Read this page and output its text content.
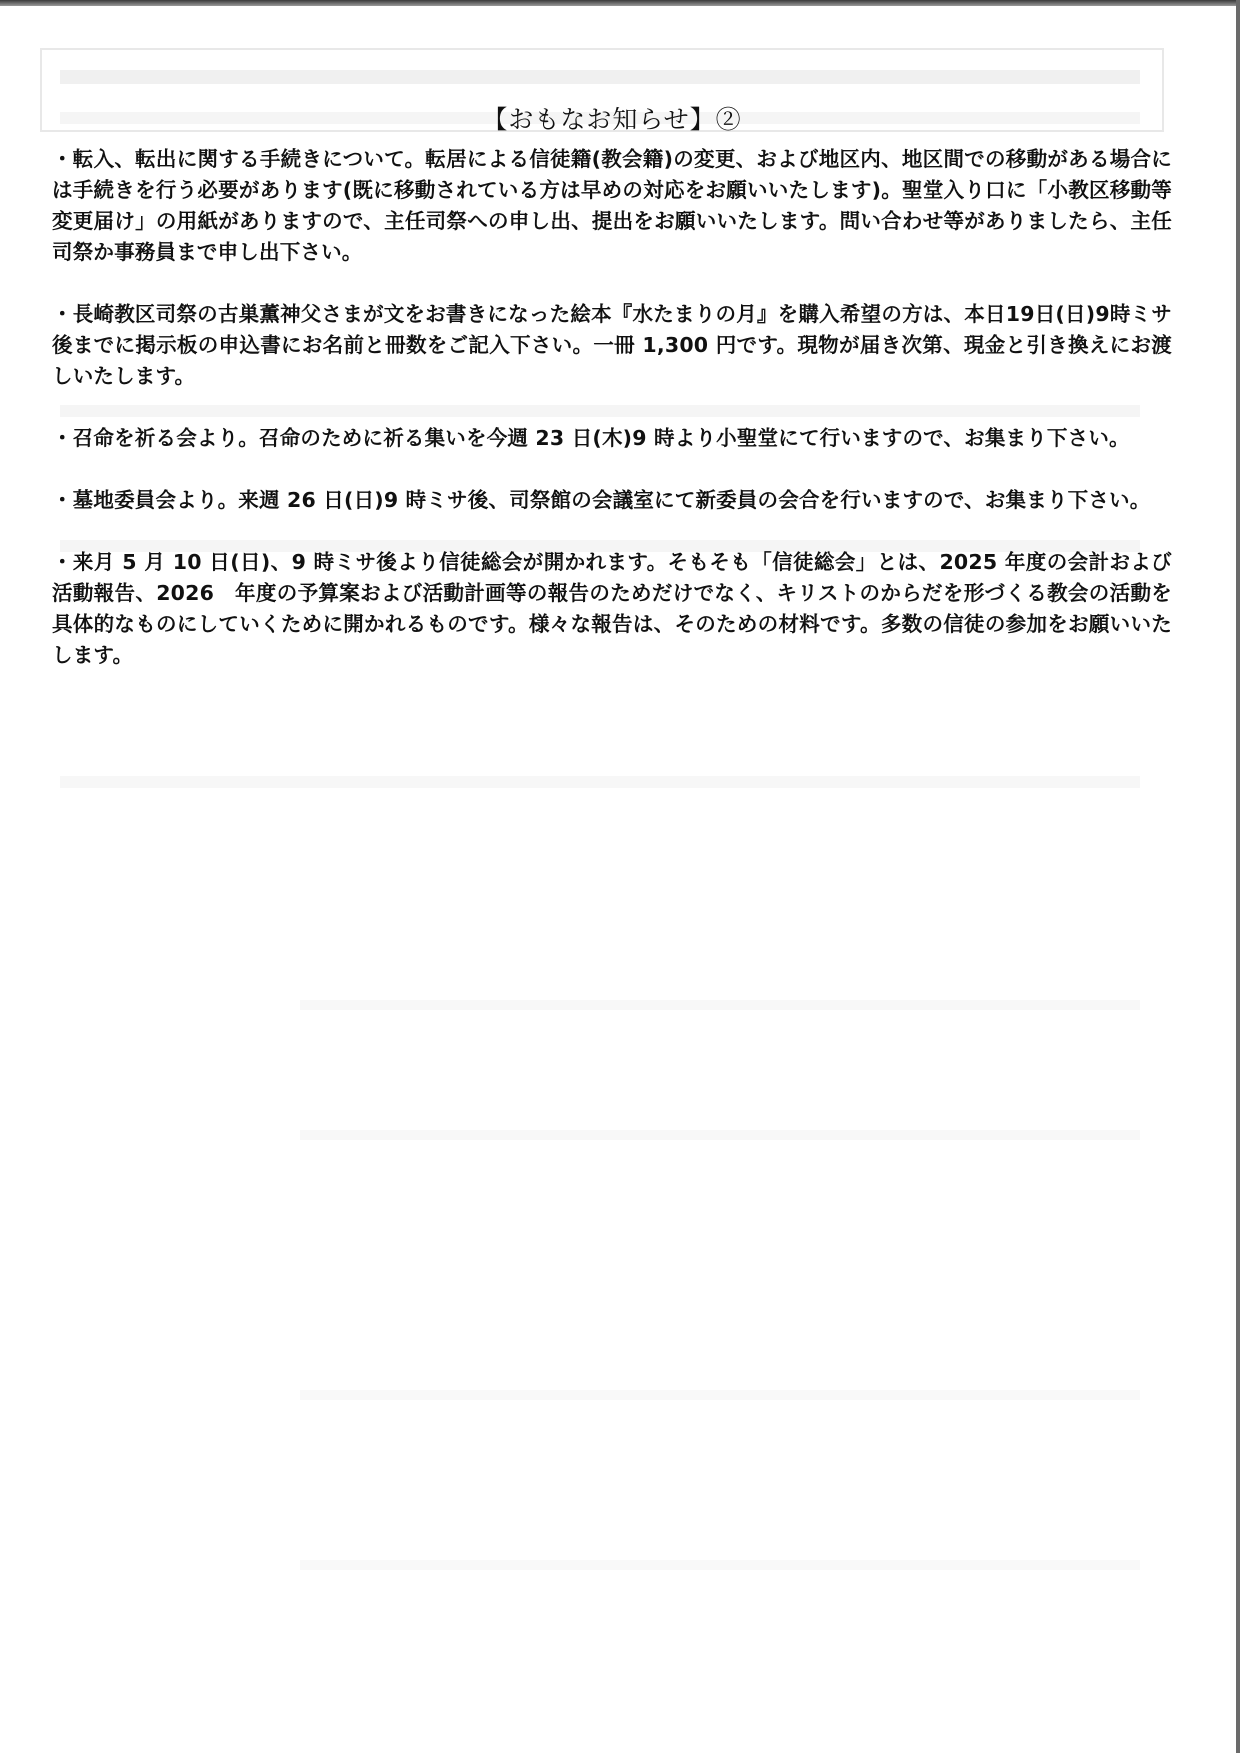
【おもなお知らせ】②

・転入、転出に関する手続きについて。転居による信徒籍(教会籍)の変更、および地区内、地区間での移動がある場合には手続きを行う必要があります(既に移動されている方は早めの対応をお願いいたします)。聖堂入り口に「小教区移動等　変更届け」の用紙がありますので、主任司祭への申し出、提出をお願いいたします。問い合わせ等がありましたら、主任司祭か事務員まで申し出下さい。

・長崎教区司祭の古巣薫神父さまが文をお書きになった絵本『水たまりの月』を購入希望の方は、本日19日(日)9時ミサ後までに掲示板の申込書にお名前と冊数をご記入下さい。一冊 1,300 円です。現物が届き次第、現金と引き換えにお渡しいたします。

・召命を祈る会より。召命のために祈る集いを今週 23 日(木)9 時より小聖堂にて行いますので、お集まり下さい。

・墓地委員会より。来週 26 日(日)9 時ミサ後、司祭館の会議室にて新委員の会合を行いますので、お集まり下さい。

・来月 5 月 10 日(日)、9 時ミサ後より信徒総会が開かれます。そもそも「信徒総会」とは、2025 年度の会計および活動報告、2026　年度の予算案および活動計画等の報告のためだけでなく、キリストのからだを形づくる教会の活動を具体的なものにしていくために開かれるものです。様々な報告は、そのための材料です。多数の信徒の参加をお願いいたします。
